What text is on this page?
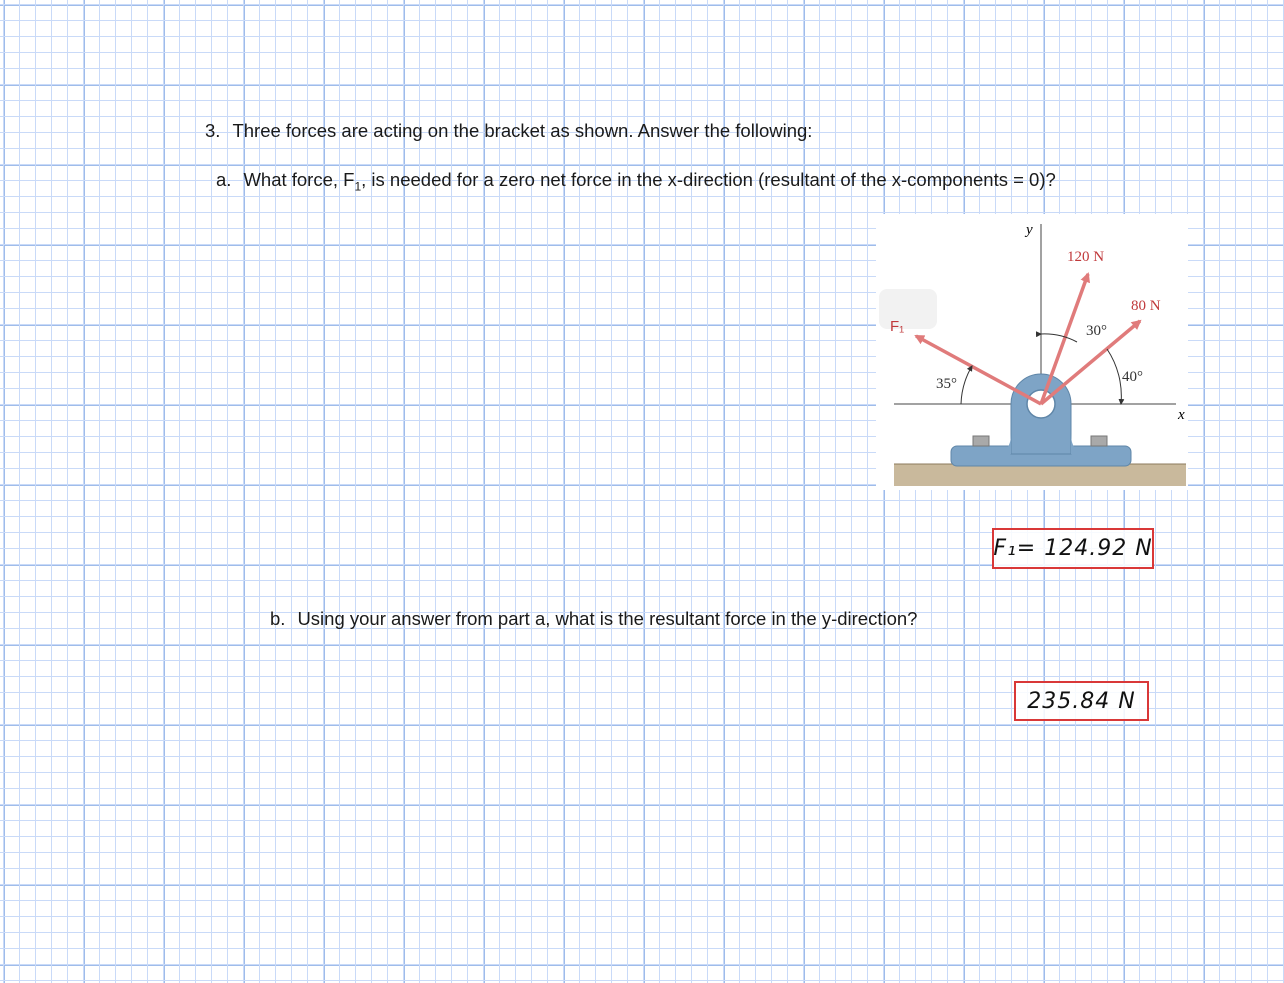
3. Three forces are acting on the bracket as shown. Answer the following:
a. What force, $F_1$, is needed for a zero net force in the x-direction (resultant of the x-components = 0)?
y
x
120 N
80 N
F₁	30°
40°
35°
F₁= 124.92 N
b. Using your answer from part a, what is the resultant force in the y-direction?
235.84 N
